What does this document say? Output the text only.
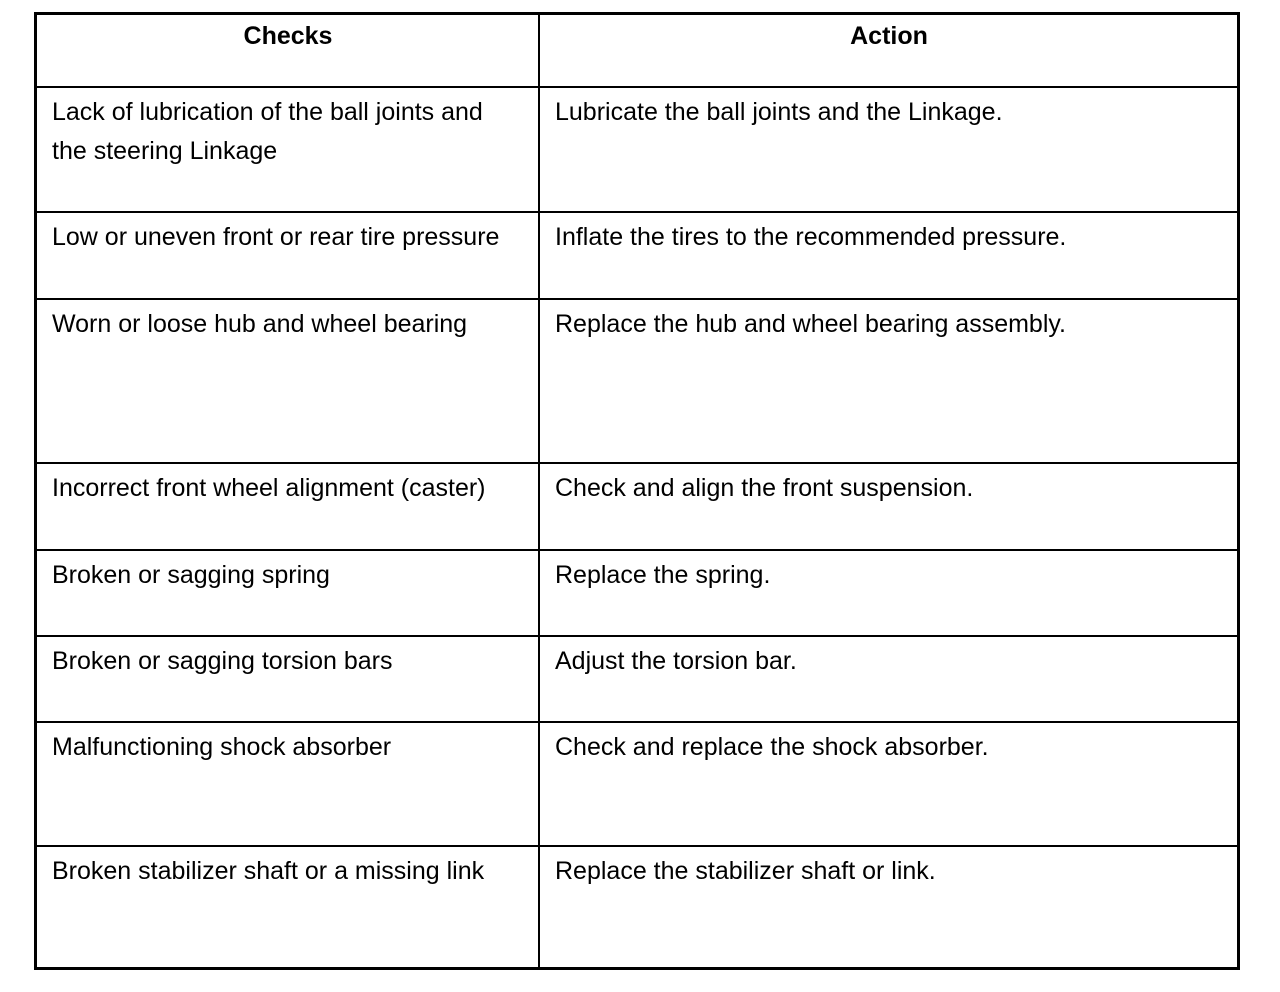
Checks	Action
Lack of lubrication of the ball joints and the steering Linkage	Lubricate the ball joints and the Linkage.
Low or uneven front or rear tire pressure	Inflate the tires to the recommended pressure.
Worn or loose hub and wheel bearing	Replace the hub and wheel bearing assembly.
Incorrect front wheel alignment (caster)	Check and align the front suspension.
Broken or sagging spring	Replace the spring.
Broken or sagging torsion bars	Adjust the torsion bar.
Malfunctioning shock absorber	Check and replace the shock absorber.
Broken stabilizer shaft or a missing link	Replace the stabilizer shaft or link.
